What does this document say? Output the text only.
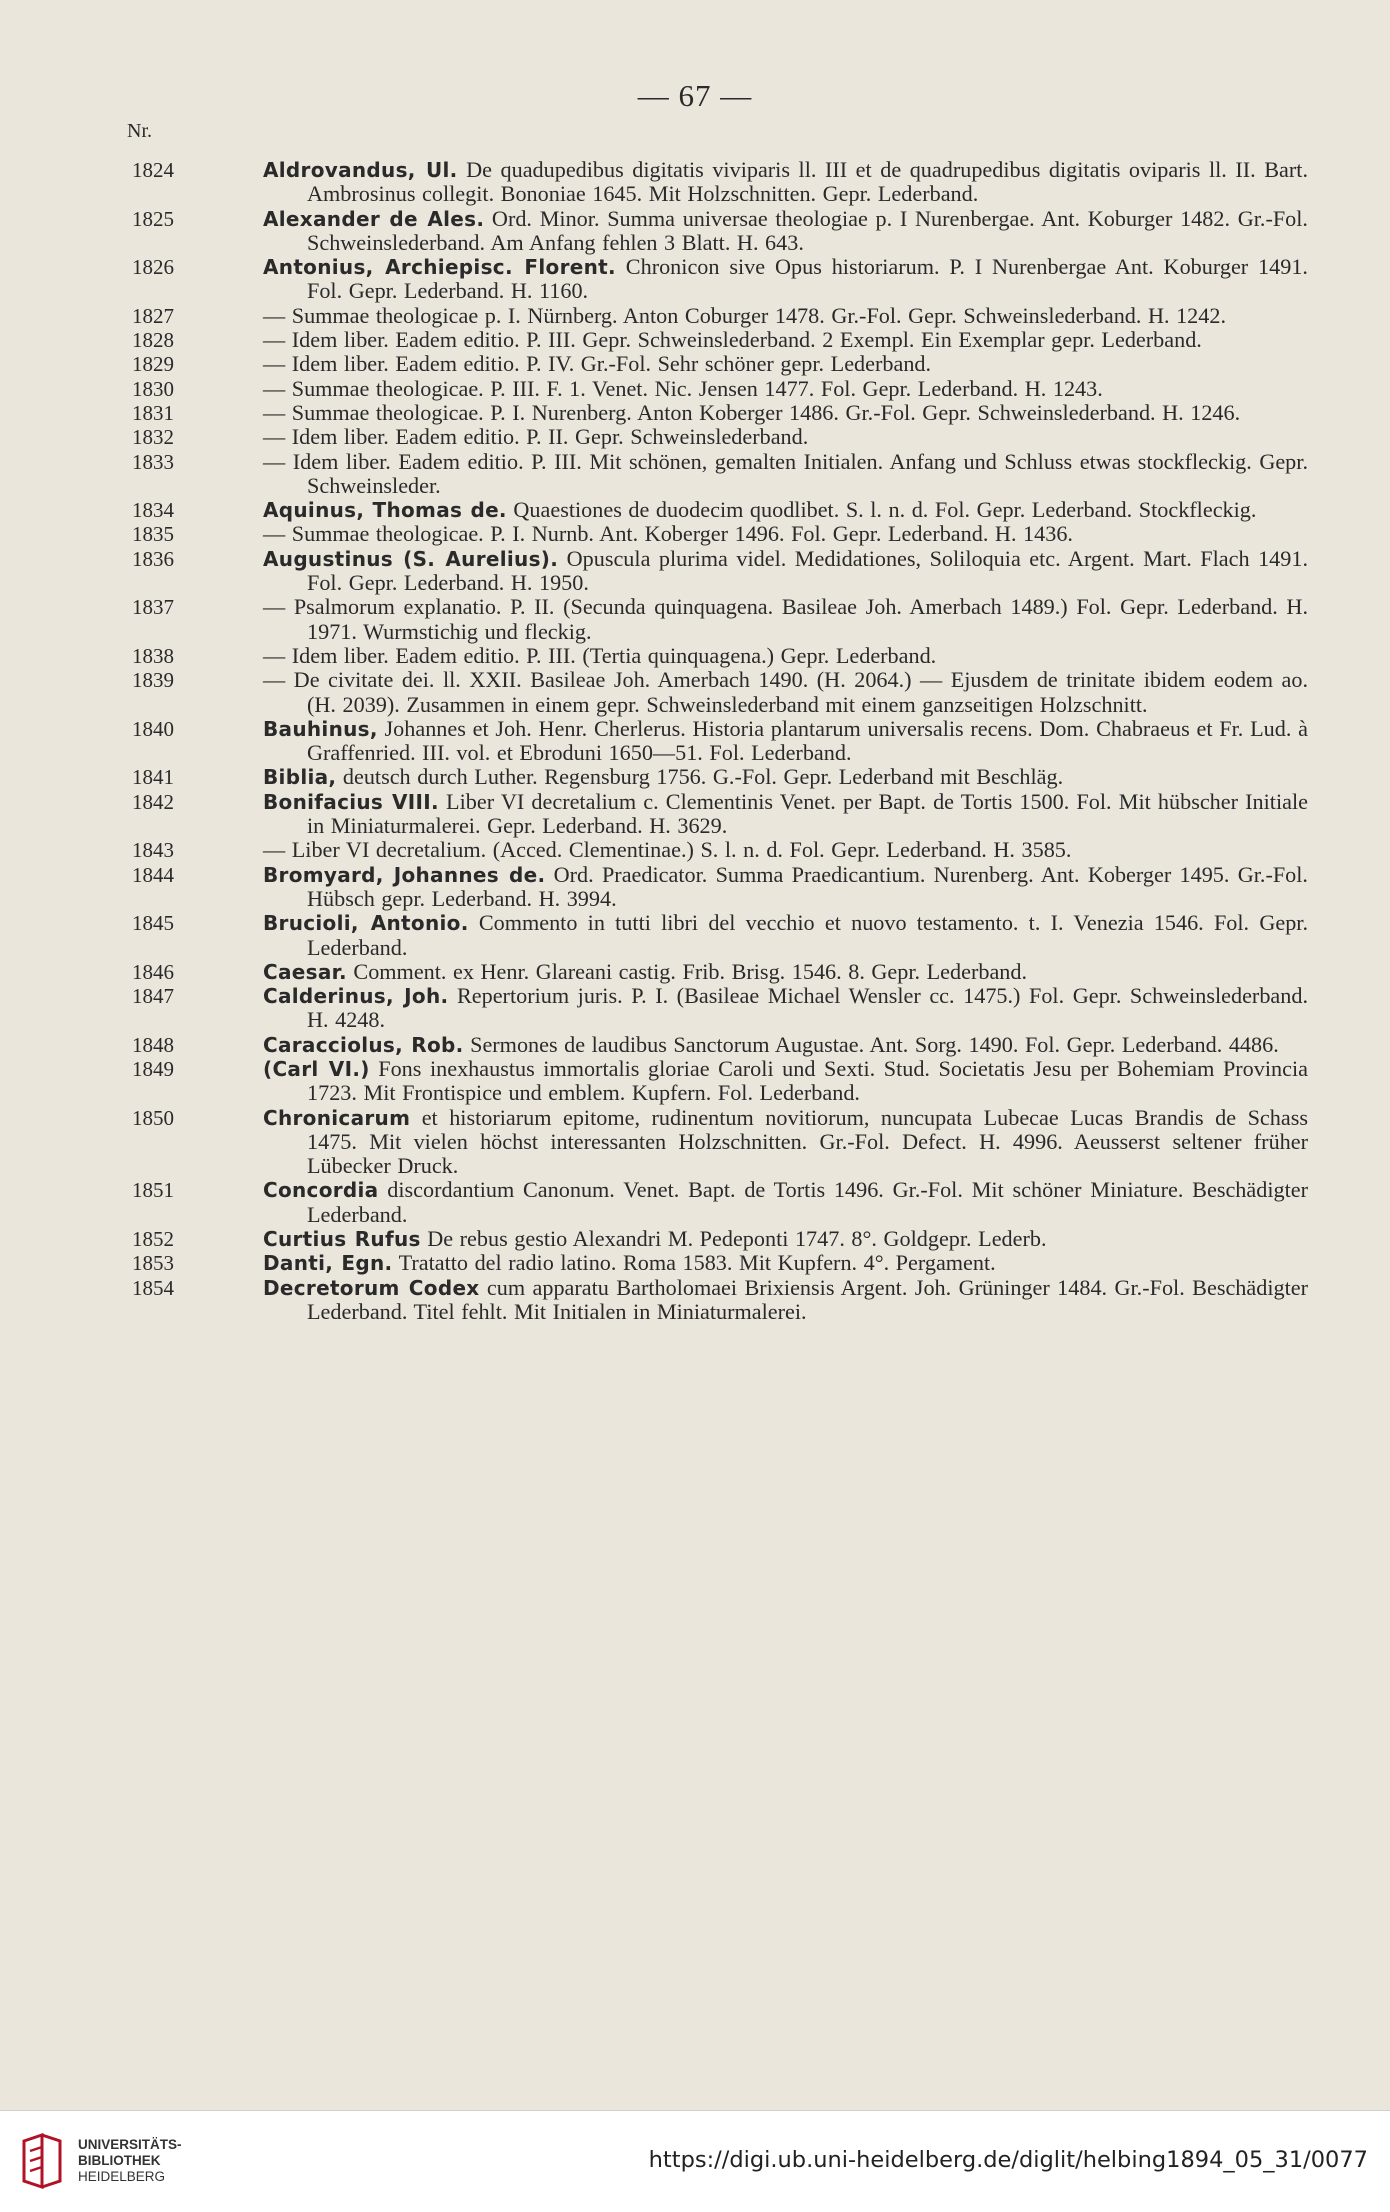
— 67 —
Nr.
1824	Aldrovandus, Ul. De quadupedibus digitatis viviparis ll. III et de quadrupedibus digitatis oviparis ll. II. Bart. Ambrosinus collegit. Bononiae 1645. Mit Holzschnitten. Gepr. Lederband.
1825	Alexander de Ales. Ord. Minor. Summa universae theologiae p. I Nurenbergae. Ant. Koburger 1482. Gr.-Fol. Schweinslederband. Am Anfang fehlen 3 Blatt. H. 643.
1826	Antonius, Archiepisc. Florent. Chronicon sive Opus historiarum. P. I Nurenbergae Ant. Koburger 1491. Fol. Gepr. Lederband. H. 1160.
1827	— Summae theologicae p. I. Nürnberg. Anton Coburger 1478. Gr.-Fol. Gepr. Schweinslederband. H. 1242.
1828	— Idem liber. Eadem editio. P. III. Gepr. Schweinslederband. 2 Exempl. Ein Exemplar gepr. Lederband.
1829	— Idem liber. Eadem editio. P. IV. Gr.-Fol. Sehr schöner gepr. Lederband.
1830	— Summae theologicae. P. III. F. 1. Venet. Nic. Jensen 1477. Fol. Gepr. Lederband. H. 1243.
1831	— Summae theologicae. P. I. Nurenberg. Anton Koberger 1486. Gr.-Fol. Gepr. Schweinslederband. H. 1246.
1832	— Idem liber. Eadem editio. P. II. Gepr. Schweinslederband.
1833	— Idem liber. Eadem editio. P. III. Mit schönen, gemalten Initialen. Anfang und Schluss etwas stockfleckig. Gepr. Schweinsleder.
1834	Aquinus, Thomas de. Quaestiones de duodecim quodlibet. S. l. n. d. Fol. Gepr. Lederband. Stockfleckig.
1835	— Summae theologicae. P. I. Nurnb. Ant. Koberger 1496. Fol. Gepr. Lederband. H. 1436.
1836	Augustinus (S. Aurelius). Opuscula plurima videl. Medidationes, Soliloquia etc. Argent. Mart. Flach 1491. Fol. Gepr. Lederband. H. 1950.
1837	— Psalmorum explanatio. P. II. (Secunda quinquagena. Basileae Joh. Amerbach 1489.) Fol. Gepr. Lederband. H. 1971. Wurmstichig und fleckig.
1838	— Idem liber. Eadem editio. P. III. (Tertia quinquagena.) Gepr. Lederband.
1839	— De civitate dei. ll. XXII. Basileae Joh. Amerbach 1490. (H. 2064.) — Ejusdem de trinitate ibidem eodem ao. (H. 2039). Zusammen in einem gepr. Schweinslederband mit einem ganzseitigen Holzschnitt.
1840	Bauhinus, Johannes et Joh. Henr. Cherlerus. Historia plantarum universalis recens. Dom. Chabraeus et Fr. Lud. à Graffenried. III. vol. et Ebroduni 1650—51. Fol. Lederband.
1841	Biblia, deutsch durch Luther. Regensburg 1756. G.-Fol. Gepr. Lederband mit Beschläg.
1842	Bonifacius VIII. Liber VI decretalium c. Clementinis Venet. per Bapt. de Tortis 1500. Fol. Mit hübscher Initiale in Miniaturmalerei. Gepr. Lederband. H. 3629.
1843	— Liber VI decretalium. (Acced. Clementinae.) S. l. n. d. Fol. Gepr. Lederband. H. 3585.
1844	Bromyard, Johannes de. Ord. Praedicator. Summa Praedicantium. Nurenberg. Ant. Koberger 1495. Gr.-Fol. Hübsch gepr. Lederband. H. 3994.
1845	Brucioli, Antonio. Commento in tutti libri del vecchio et nuovo testamento. t. I. Venezia 1546. Fol. Gepr. Lederband.
1846	Caesar. Comment. ex Henr. Glareani castig. Frib. Brisg. 1546. 8. Gepr. Lederband.
1847	Calderinus, Joh. Repertorium juris. P. I. (Basileae Michael Wensler cc. 1475.) Fol. Gepr. Schweinslederband. H. 4248.
1848	Caracciolus, Rob. Sermones de laudibus Sanctorum Augustae. Ant. Sorg. 1490. Fol. Gepr. Lederband. 4486.
1849	(Carl VI.) Fons inexhaustus immortalis gloriae Caroli und Sexti. Stud. Societatis Jesu per Bohemiam Provincia 1723. Mit Frontispice und emblem. Kupfern. Fol. Lederband.
1850	Chronicarum et historiarum epitome, rudinentum novitiorum, nuncupata Lubecae Lucas Brandis de Schass 1475. Mit vielen höchst interessanten Holzschnitten. Gr.-Fol. Defect. H. 4996. Aeusserst seltener früher Lübecker Druck.
1851	Concordia discordantium Canonum. Venet. Bapt. de Tortis 1496. Gr.-Fol. Mit schöner Miniature. Beschädigter Lederband.
1852	Curtius Rufus De rebus gestio Alexandri M. Pedeponti 1747. 8°. Goldgepr. Lederb.
1853	Danti, Egn. Tratatto del radio latino. Roma 1583. Mit Kupfern. 4°. Pergament.
1854	Decretorum Codex cum apparatu Bartholomaei Brixiensis Argent. Joh. Grüninger 1484. Gr.-Fol. Beschädigter Lederband. Titel fehlt. Mit Initialen in Miniaturmalerei.
UNIVERSITÄTS-
BIBLIOTHEK
HEIDELBERG
https://digi.ub.uni-heidelberg.de/diglit/helbing1894_05_31/0077
